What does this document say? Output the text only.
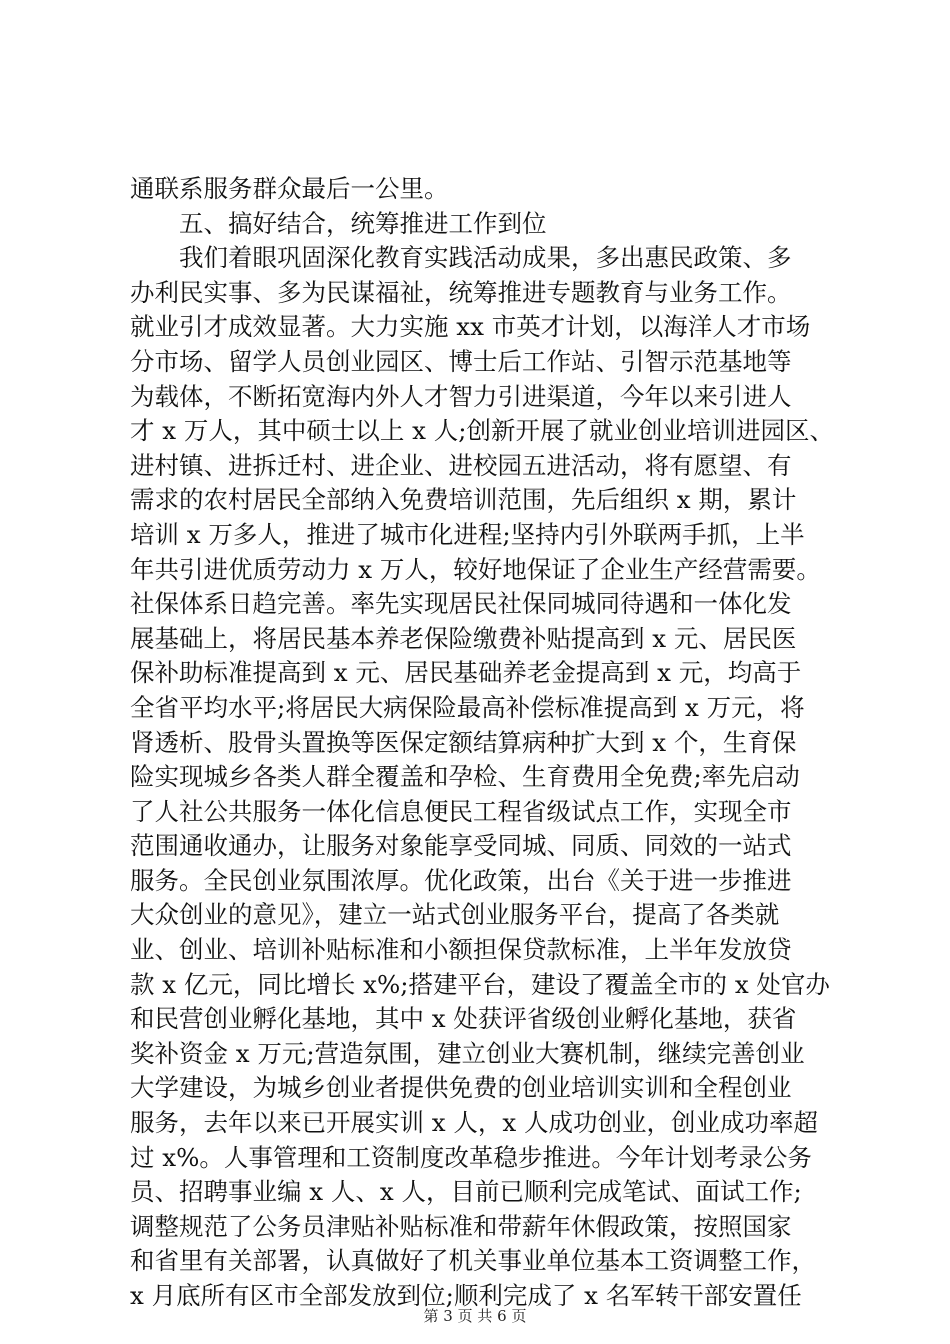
通联系服务群众最后一公里。
五、搞好结合，统筹推进工作到位
我们着眼巩固深化教育实践活动成果，多出惠民政策、多
办利民实事、多为民谋福祉，统筹推进专题教育与业务工作。
就业引才成效显著。大力实施 xx 市英才计划，以海洋人才市场
分市场、留学人员创业园区、博士后工作站、引智示范基地等
为载体，不断拓宽海内外人才智力引进渠道，今年以来引进人
才 x 万人，其中硕士以上 x 人;创新开展了就业创业培训进园区、
进村镇、进拆迁村、进企业、进校园五进活动，将有愿望、有
需求的农村居民全部纳入免费培训范围，先后组织 x 期，累计
培训 x 万多人，推进了城市化进程;坚持内引外联两手抓，上半
年共引进优质劳动力 x 万人，较好地保证了企业生产经营需要。
社保体系日趋完善。率先实现居民社保同城同待遇和一体化发
展基础上，将居民基本养老保险缴费补贴提高到 x 元、居民医
保补助标准提高到 x 元、居民基础养老金提高到 x 元，均高于
全省平均水平;将居民大病保险最高补偿标准提高到 x 万元，将
肾透析、股骨头置换等医保定额结算病种扩大到 x 个，生育保
险实现城乡各类人群全覆盖和孕检、生育费用全免费;率先启动
了人社公共服务一体化信息便民工程省级试点工作，实现全市
范围通收通办，让服务对象能享受同城、同质、同效的一站式
服务。全民创业氛围浓厚。优化政策，出台《关于进一步推进
大众创业的意见》，建立一站式创业服务平台，提高了各类就
业、创业、培训补贴标准和小额担保贷款标准，上半年发放贷
款 x 亿元，同比增长 x%;搭建平台，建设了覆盖全市的 x 处官办
和民营创业孵化基地，其中 x 处获评省级创业孵化基地，获省
奖补资金 x 万元;营造氛围，建立创业大赛机制，继续完善创业
大学建设，为城乡创业者提供免费的创业培训实训和全程创业
服务，去年以来已开展实训 x 人，x 人成功创业，创业成功率超
过 x%。人事管理和工资制度改革稳步推进。今年计划考录公务
员、招聘事业编 x 人、x 人，目前已顺利完成笔试、面试工作;
调整规范了公务员津贴补贴标准和带薪年休假政策，按照国家
和省里有关部署，认真做好了机关事业单位基本工资调整工作，
x 月底所有区市全部发放到位;顺利完成了 x 名军转干部安置任
第 3 页 共 6 页
